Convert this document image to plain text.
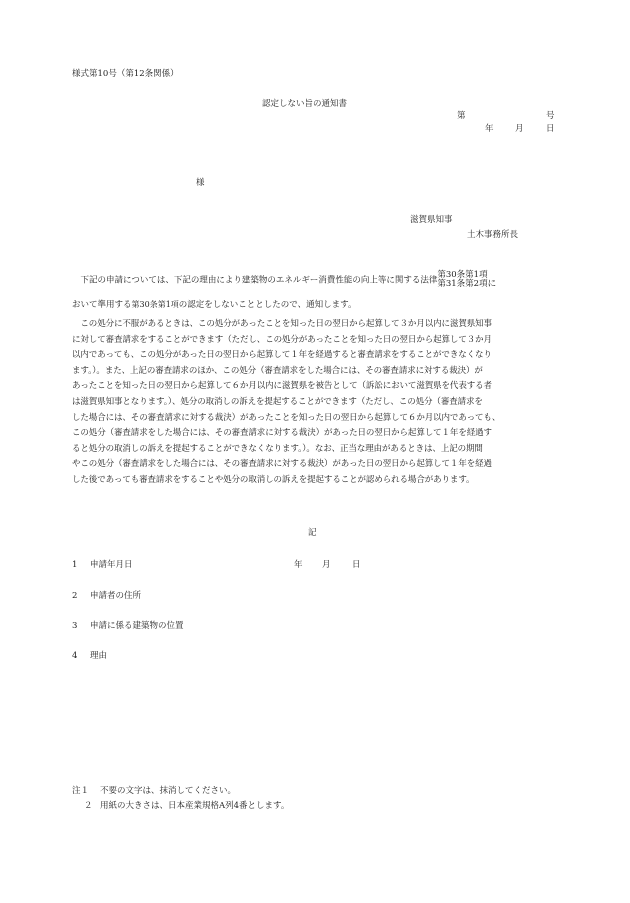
様式第10号（第12条関係）
認定しない旨の通知書
第	号
年	月	日
様
滋賀県知事
土木事務所長
　下記の申請については、下記の理由により建築物のエネルギー消費性能の向上等に関する法律
第30条第1項
第31条第2項に
おいて準用する第30条第1項の認定をしないこととしたので、通知します。
　この処分に不服があるときは、この処分があったことを知った日の翌日から起算して３か月以内に滋賀県知事
に対して審査請求をすることができます（ただし、この処分があったことを知った日の翌日から起算して３か月
以内であっても、この処分があった日の翌日から起算して１年を経過すると審査請求をすることができなくなり
ます。）。また、上記の審査請求のほか、この処分（審査請求をした場合には、その審査請求に対する裁決）が
あったことを知った日の翌日から起算して６か月以内に滋賀県を被告として（訴訟において滋賀県を代表する者
は滋賀県知事となります。）、処分の取消しの訴えを提起することができます（ただし、この処分（審査請求を
した場合には、その審査請求に対する裁決）があったことを知った日の翌日から起算して６か月以内であっても、
この処分（審査請求をした場合には、その審査請求に対する裁決）があった日の翌日から起算して１年を経過す
ると処分の取消しの訴えを提起することができなくなります。）。なお、正当な理由があるときは、上記の期間
やこの処分（審査請求をした場合には、その審査請求に対する裁決）があった日の翌日から起算して１年を経過
した後であっても審査請求をすることや処分の取消しの訴えを提起することが認められる場合があります。
記
1 申請年月日	年 月	日
2 申請者の住所
3 申請に係る建築物の位置
4 理由
注１ 不要の文字は、抹消してください。
２ 用紙の大きさは、日本産業規格A列4番とします。
